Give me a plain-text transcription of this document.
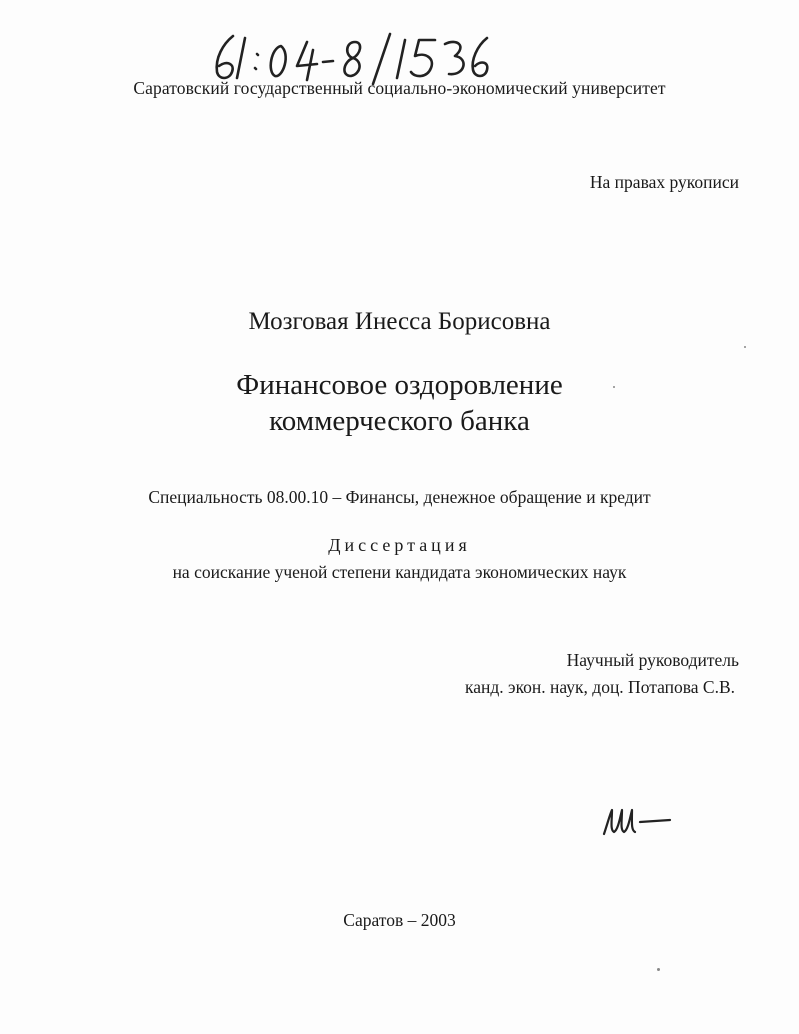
Саратовский государственный социально-экономический университет
На правах рукописи
Мозговая Инесса Борисовна
Финансовое оздоровление
коммерческого банка
Специальность 08.00.10 – Финансы, денежное обращение и кредит
Диссертация
на соискание ученой степени кандидата экономических наук
Научный руководитель
канд. экон. наук, доц. Потапова С.В.
Саратов – 2003
